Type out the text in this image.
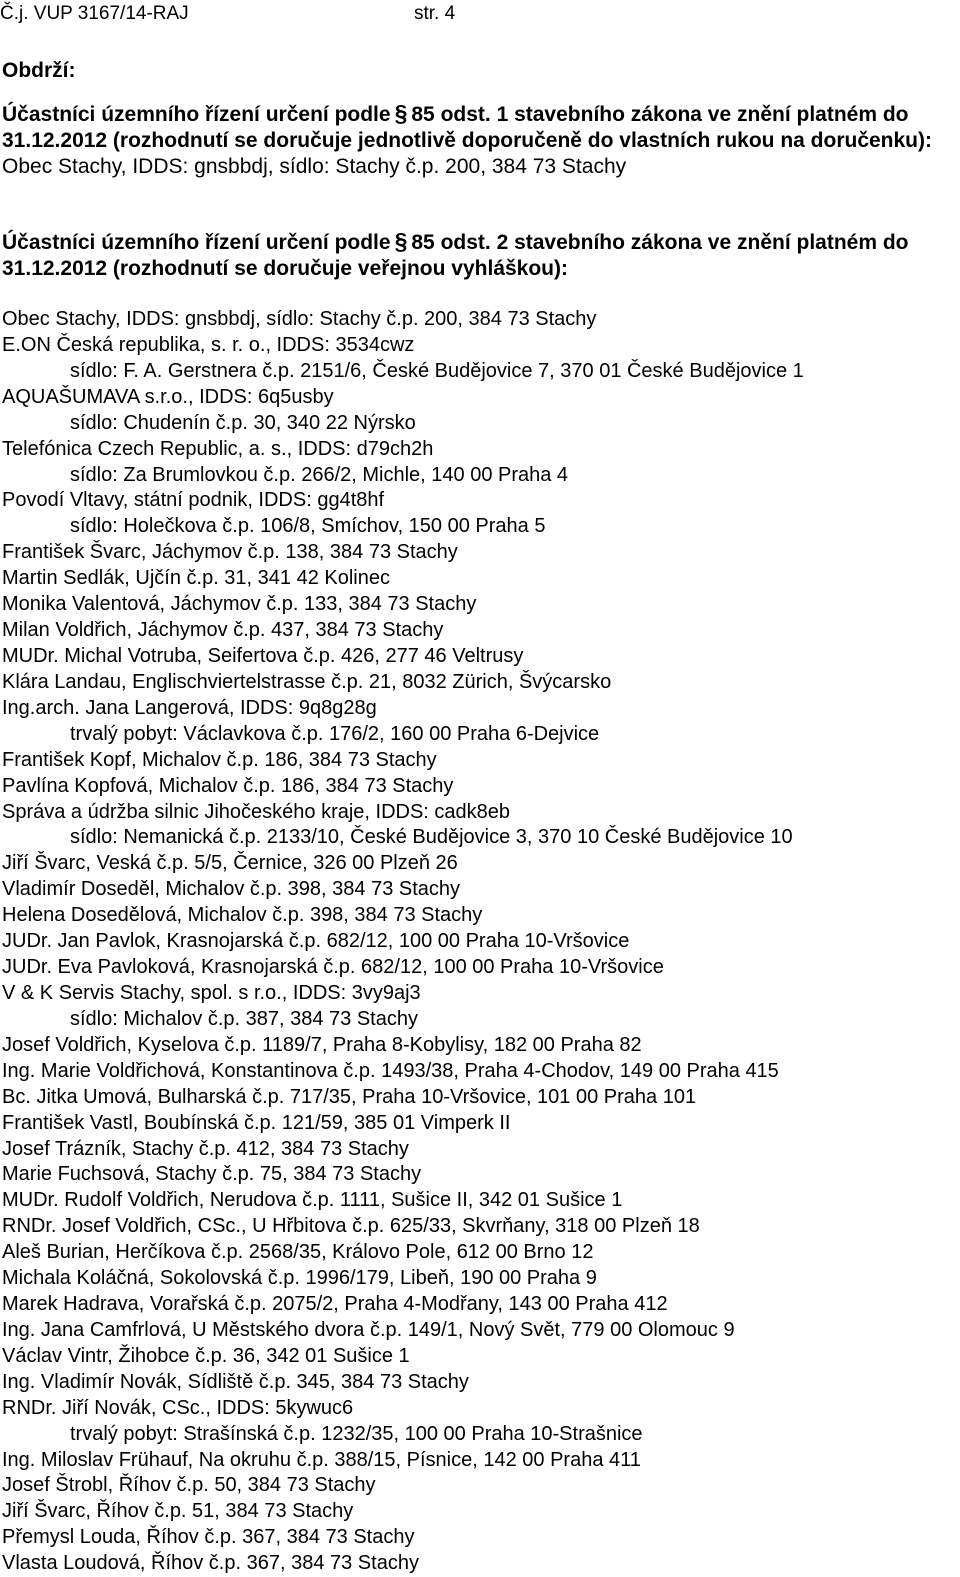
Č.j. VUP 3167/14-RAJ	str. 4
Obdrží:
Účastníci územního řízení určení podle § 85 odst. 1 stavebního zákona ve znění platném do 31.12.2012 (rozhodnutí se doručuje jednotlivě doporučeně do vlastních rukou na doručenku):
Obec Stachy, IDDS: gnsbbdj, sídlo: Stachy č.p. 200, 384 73 Stachy
Účastníci územního řízení určení podle § 85 odst. 2 stavebního zákona ve znění platném do 31.12.2012 (rozhodnutí se doručuje veřejnou vyhláškou):
Obec Stachy, IDDS: gnsbbdj, sídlo: Stachy č.p. 200, 384 73 Stachy
E.ON Česká republika, s. r. o., IDDS: 3534cwz
sídlo: F. A. Gerstnera č.p. 2151/6, České Budějovice 7, 370 01 České Budějovice 1
AQUAŠUMAVA s.r.o., IDDS: 6q5usby
sídlo: Chudenín č.p. 30, 340 22 Nýrsko
Telefónica Czech Republic, a. s., IDDS: d79ch2h
sídlo: Za Brumlovkou č.p. 266/2, Michle, 140 00 Praha 4
Povodí Vltavy, státní podnik, IDDS: gg4t8hf
sídlo: Holečkova č.p. 106/8, Smíchov, 150 00 Praha 5
František Švarc, Jáchymov č.p. 138, 384 73 Stachy
Martin Sedlák, Ujčín č.p. 31, 341 42 Kolinec
Monika Valentová, Jáchymov č.p. 133, 384 73 Stachy
Milan Voldřich, Jáchymov č.p. 437, 384 73 Stachy
MUDr. Michal Votruba, Seifertova č.p. 426, 277 46 Veltrusy
Klára Landau, Englischviertelstrasse č.p. 21, 8032 Zürich, Švýcarsko
Ing.arch. Jana Langerová, IDDS: 9q8g28g
trvalý pobyt: Václavkova č.p. 176/2, 160 00 Praha 6-Dejvice
František Kopf, Michalov č.p. 186, 384 73 Stachy
Pavlína Kopfová, Michalov č.p. 186, 384 73 Stachy
Správa a údržba silnic Jihočeského kraje, IDDS: cadk8eb
sídlo: Nemanická č.p. 2133/10, České Budějovice 3, 370 10 České Budějovice 10
Jiří Švarc, Veská č.p. 5/5, Černice, 326 00 Plzeň 26
Vladimír Doseděl, Michalov č.p. 398, 384 73 Stachy
Helena Dosedělová, Michalov č.p. 398, 384 73 Stachy
JUDr. Jan Pavlok, Krasnojarská č.p. 682/12, 100 00 Praha 10-Vršovice
JUDr. Eva Pavloková, Krasnojarská č.p. 682/12, 100 00 Praha 10-Vršovice
V & K Servis Stachy, spol. s r.o., IDDS: 3vy9aj3
sídlo: Michalov č.p. 387, 384 73 Stachy
Josef Voldřich, Kyselova č.p. 1189/7, Praha 8-Kobylisy, 182 00 Praha 82
Ing. Marie Voldřichová, Konstantinova č.p. 1493/38, Praha 4-Chodov, 149 00 Praha 415
Bc. Jitka Umová, Bulharská č.p. 717/35, Praha 10-Vršovice, 101 00 Praha 101
František Vastl, Boubínská č.p. 121/59, 385 01 Vimperk II
Josef Trázník, Stachy č.p. 412, 384 73 Stachy
Marie Fuchsová, Stachy č.p. 75, 384 73 Stachy
MUDr. Rudolf Voldřich, Nerudova č.p. 1111, Sušice II, 342 01 Sušice 1
RNDr. Josef Voldřich, CSc., U Hřbitova č.p. 625/33, Skvrňany, 318 00 Plzeň 18
Aleš Burian, Herčíkova č.p. 2568/35, Královo Pole, 612 00 Brno 12
Michala Koláčná, Sokolovská č.p. 1996/179, Libeň, 190 00 Praha 9
Marek Hadrava, Vorařská č.p. 2075/2, Praha 4-Modřany, 143 00 Praha 412
Ing. Jana Camfrlová, U Městského dvora č.p. 149/1, Nový Svět, 779 00 Olomouc 9
Václav Vintr, Žihobce č.p. 36, 342 01 Sušice 1
Ing. Vladimír Novák, Sídliště č.p. 345, 384 73 Stachy
RNDr. Jiří Novák, CSc., IDDS: 5kywuc6
trvalý pobyt: Strašínská č.p. 1232/35, 100 00 Praha 10-Strašnice
Ing. Miloslav Frühauf, Na okruhu č.p. 388/15, Písnice, 142 00 Praha 411
Josef Štrobl, Říhov č.p. 50, 384 73 Stachy
Jiří Švarc, Říhov č.p. 51, 384 73 Stachy
Přemysl Louda, Říhov č.p. 367, 384 73 Stachy
Vlasta Loudová, Říhov č.p. 367, 384 73 Stachy
